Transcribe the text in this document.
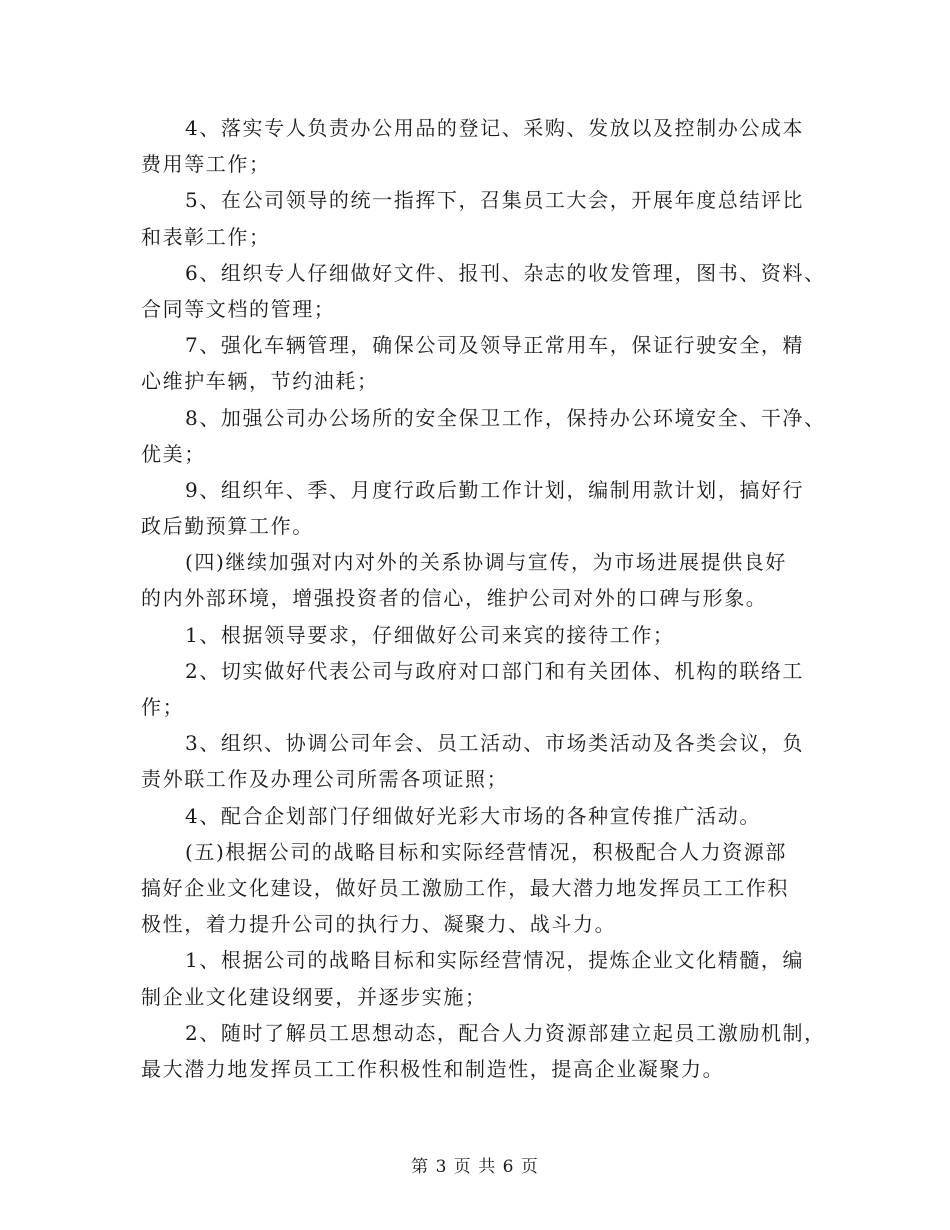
4、落实专人负责办公用品的登记、采购、发放以及控制办公成本
费用等工作；
5、在公司领导的统一指挥下，召集员工大会，开展年度总结评比
和表彰工作；
6、组织专人仔细做好文件、报刊、杂志的收发管理，图书、资料、
合同等文档的管理；
7、强化车辆管理，确保公司及领导正常用车，保证行驶安全，精
心维护车辆，节约油耗；
8、加强公司办公场所的安全保卫工作，保持办公环境安全、干净、
优美；
9、组织年、季、月度行政后勤工作计划，编制用款计划，搞好行
政后勤预算工作。
(四)继续加强对内对外的关系协调与宣传，为市场进展提供良好
的内外部环境，增强投资者的信心，维护公司对外的口碑与形象。
1、根据领导要求，仔细做好公司来宾的接待工作；
2、切实做好代表公司与政府对口部门和有关团体、机构的联络工
作；
3、组织、协调公司年会、员工活动、市场类活动及各类会议，负
责外联工作及办理公司所需各项证照；
4、配合企划部门仔细做好光彩大市场的各种宣传推广活动。
(五)根据公司的战略目标和实际经营情况，积极配合人力资源部
搞好企业文化建设，做好员工激励工作，最大潜力地发挥员工工作积
极性，着力提升公司的执行力、凝聚力、战斗力。
1、根据公司的战略目标和实际经营情况，提炼企业文化精髓，编
制企业文化建设纲要，并逐步实施；
2、随时了解员工思想动态，配合人力资源部建立起员工激励机制，
最大潜力地发挥员工工作积极性和制造性，提高企业凝聚力。
第 3 页 共 6 页
